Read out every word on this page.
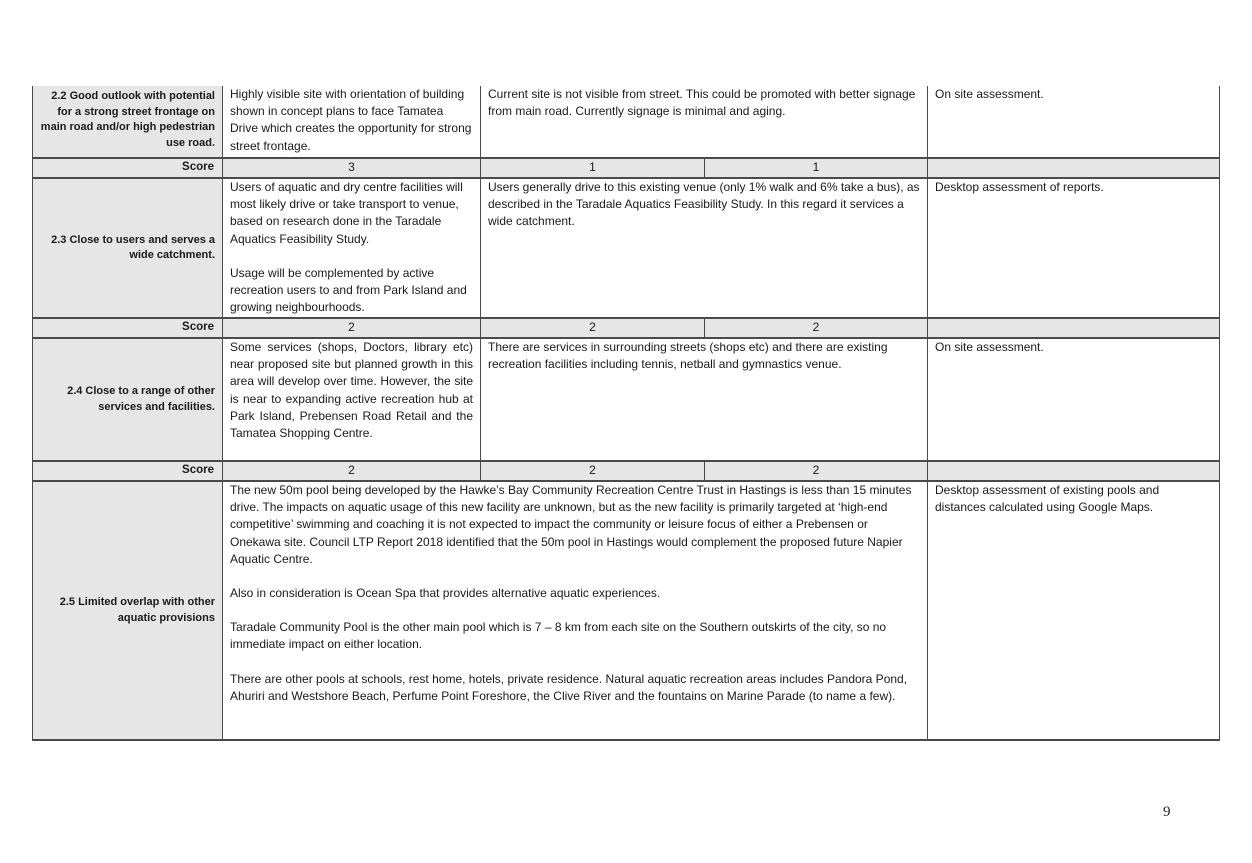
2.2 Good outlook with potential for a strong street frontage on main road and/or high pedestrian use road.	Highly visible site with orientation of building shown in concept plans to face Tamatea Drive which creates the opportunity for strong street frontage.	Current site is not visible from street. This could be promoted with better signage from main road. Currently signage is minimal and aging.		On site assessment.
Score	3	1	1	
2.3 Close to users and serves a wide catchment.	Users of aquatic and dry centre facilities will most likely drive or take transport to venue, based on research done in the Taradale Aquatics Feasibility Study.

Usage will be complemented by active recreation users to and from Park Island and growing neighbourhoods.	Users generally drive to this existing venue (only 1% walk and 6% take a bus), as described in the Taradale Aquatics Feasibility Study. In this regard it services a wide catchment.		Desktop assessment of reports.
Score	2	2	2	
2.4 Close to a range of other services and facilities.	Some services (shops, Doctors, library etc) near proposed site but planned growth in this area will develop over time. However, the site is near to expanding active recreation hub at Park Island, Prebensen Road Retail and the Tamatea Shopping Centre.	There are services in surrounding streets (shops etc) and there are existing recreation facilities including tennis, netball and gymnastics venue.		On site assessment.
Score	2	2	2	
2.5 Limited overlap with other aquatic provisions	The new 50m pool being developed by the Hawke’s Bay Community Recreation Centre Trust in Hastings is less than 15 minutes drive. The impacts on aquatic usage of this new facility are unknown, but as the new facility is primarily targeted at ‘high-end competitive’ swimming and coaching it is not expected to impact the community or leisure focus of either a Prebensen or Onekawa site. Council LTP Report 2018 identified that the 50m pool in Hastings would complement the proposed future Napier Aquatic Centre.

Also in consideration is Ocean Spa that provides alternative aquatic experiences.

Taradale Community Pool is the other main pool which is 7 – 8 km from each site on the Southern outskirts of the city, so no immediate impact on either location.

There are other pools at schools, rest home, hotels, private residence. Natural aquatic recreation areas includes Pandora Pond, Ahuriri and Westshore Beach, Perfume Point Foreshore, the Clive River and the fountains on Marine Parade (to name a few).			Desktop assessment of existing pools and distances calculated using Google Maps.
9
